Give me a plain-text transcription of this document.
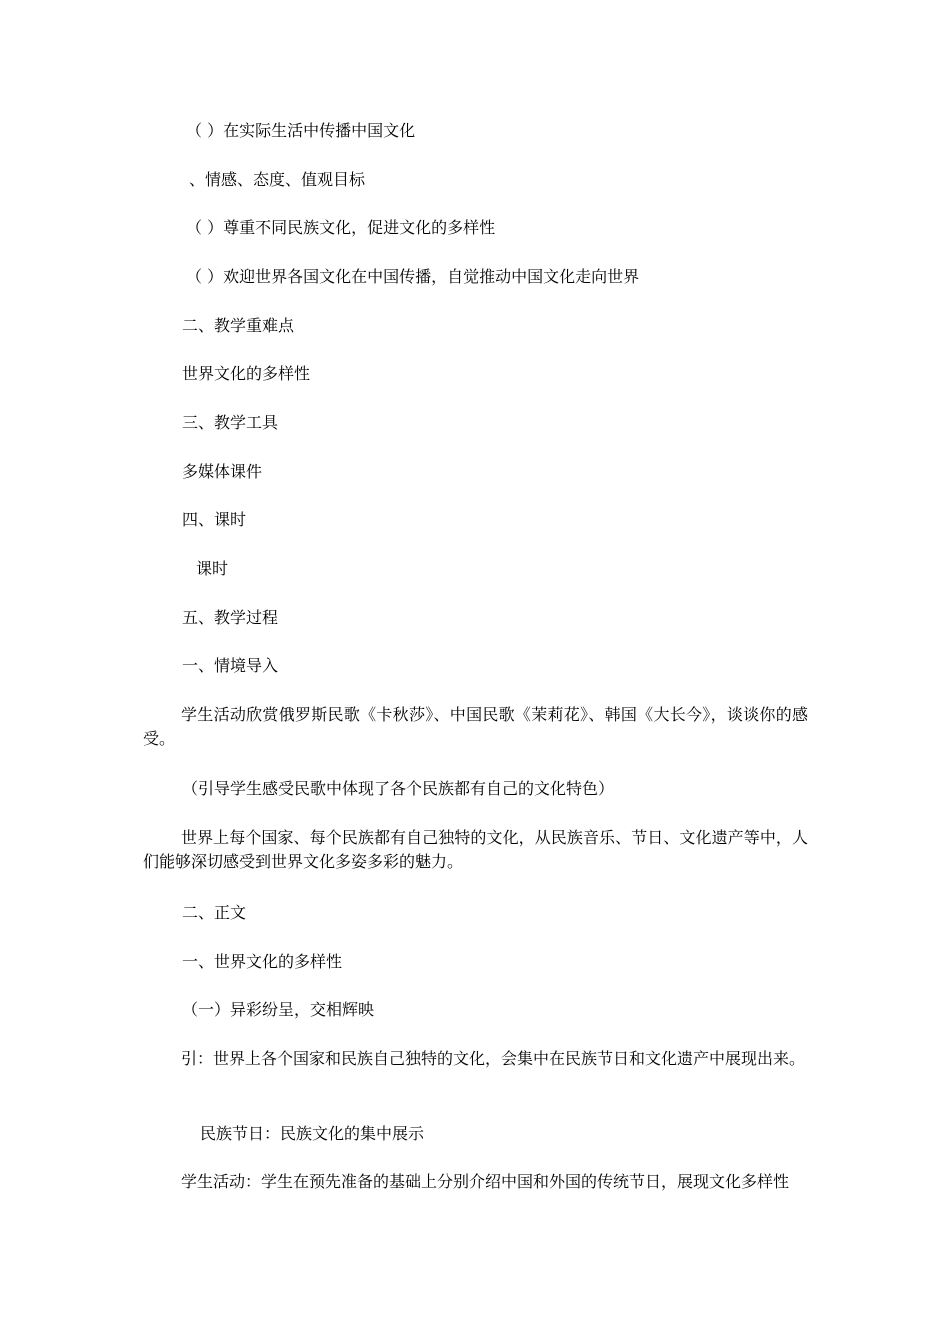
（ ）在实际生活中传播中国文化
、情感、态度、值观目标
（ ）尊重不同民族文化，促进文化的多样性
（ ）欢迎世界各国文化在中国传播，自觉推动中国文化走向世界
二、教学重难点
世界文化的多样性
三、教学工具
多媒体课件
四、课时
课时
五、教学过程
一、情境导入
学生活动欣赏俄罗斯民歌《卡秋莎》、中国民歌《茉莉花》、韩国《大长今》，谈谈你的感受。
（引导学生感受民歌中体现了各个民族都有自己的文化特色）
世界上每个国家、每个民族都有自己独特的文化，从民族音乐、节日、文化遗产等中，人们能够深切感受到世界文化多姿多彩的魅力。
二、正文
一、世界文化的多样性
（一）异彩纷呈，交相辉映
引：世界上各个国家和民族自己独特的文化，会集中在民族节日和文化遗产中展现出来。
民族节日：民族文化的集中展示
学生活动：学生在预先准备的基础上分别介绍中国和外国的传统节日，展现文化多样性
